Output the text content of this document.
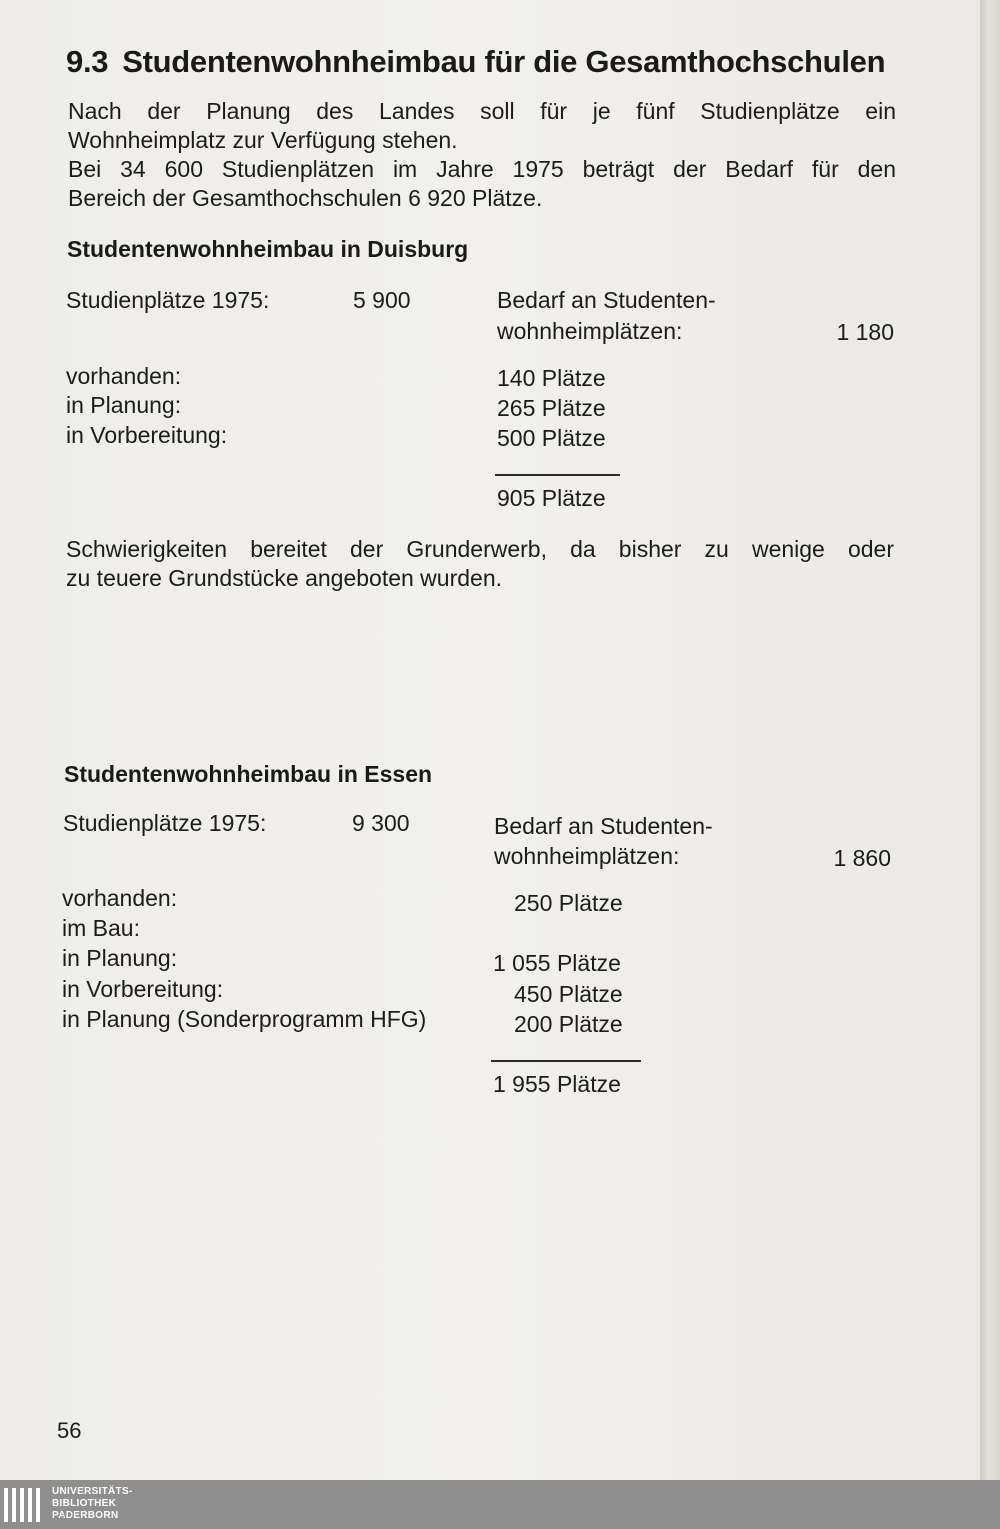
9.3 Studentenwohnheimbau für die Gesamthochschulen

Nach der Planung des Landes soll für je fünf Studienplätze ein
Wohnheimplatz zur Verfügung stehen.
Bei 34 600 Studienplätzen im Jahre 1975 beträgt der Bedarf für den
Bereich der Gesamthochschulen 6 920 Plätze.

Studentenwohnheimbau in Duisburg
Studienplätze 1975:	5 900	Bedarf an Studenten-
wohnheimplätzen:	1 180
vorhanden:	140 Plätze
in Planung:	265 Plätze
in Vorbereitung:	500 Plätze
905 Plätze

Schwierigkeiten bereitet der Grunderwerb, da bisher zu wenige oder
zu teuere Grundstücke angeboten wurden.

Studentenwohnheimbau in Essen
Studienplätze 1975:	9 300	Bedarf an Studenten-
wohnheimplätzen:	1 860
vorhanden:	250 Plätze
im Bau:
in Planung:	1 055 Plätze
in Vorbereitung:	450 Plätze
in Planung (Sonderprogramm HFG)	200 Plätze
1 955 Plätze
56
UNIVERSITÄTS-
BIBLIOTHEK
PADERBORN
